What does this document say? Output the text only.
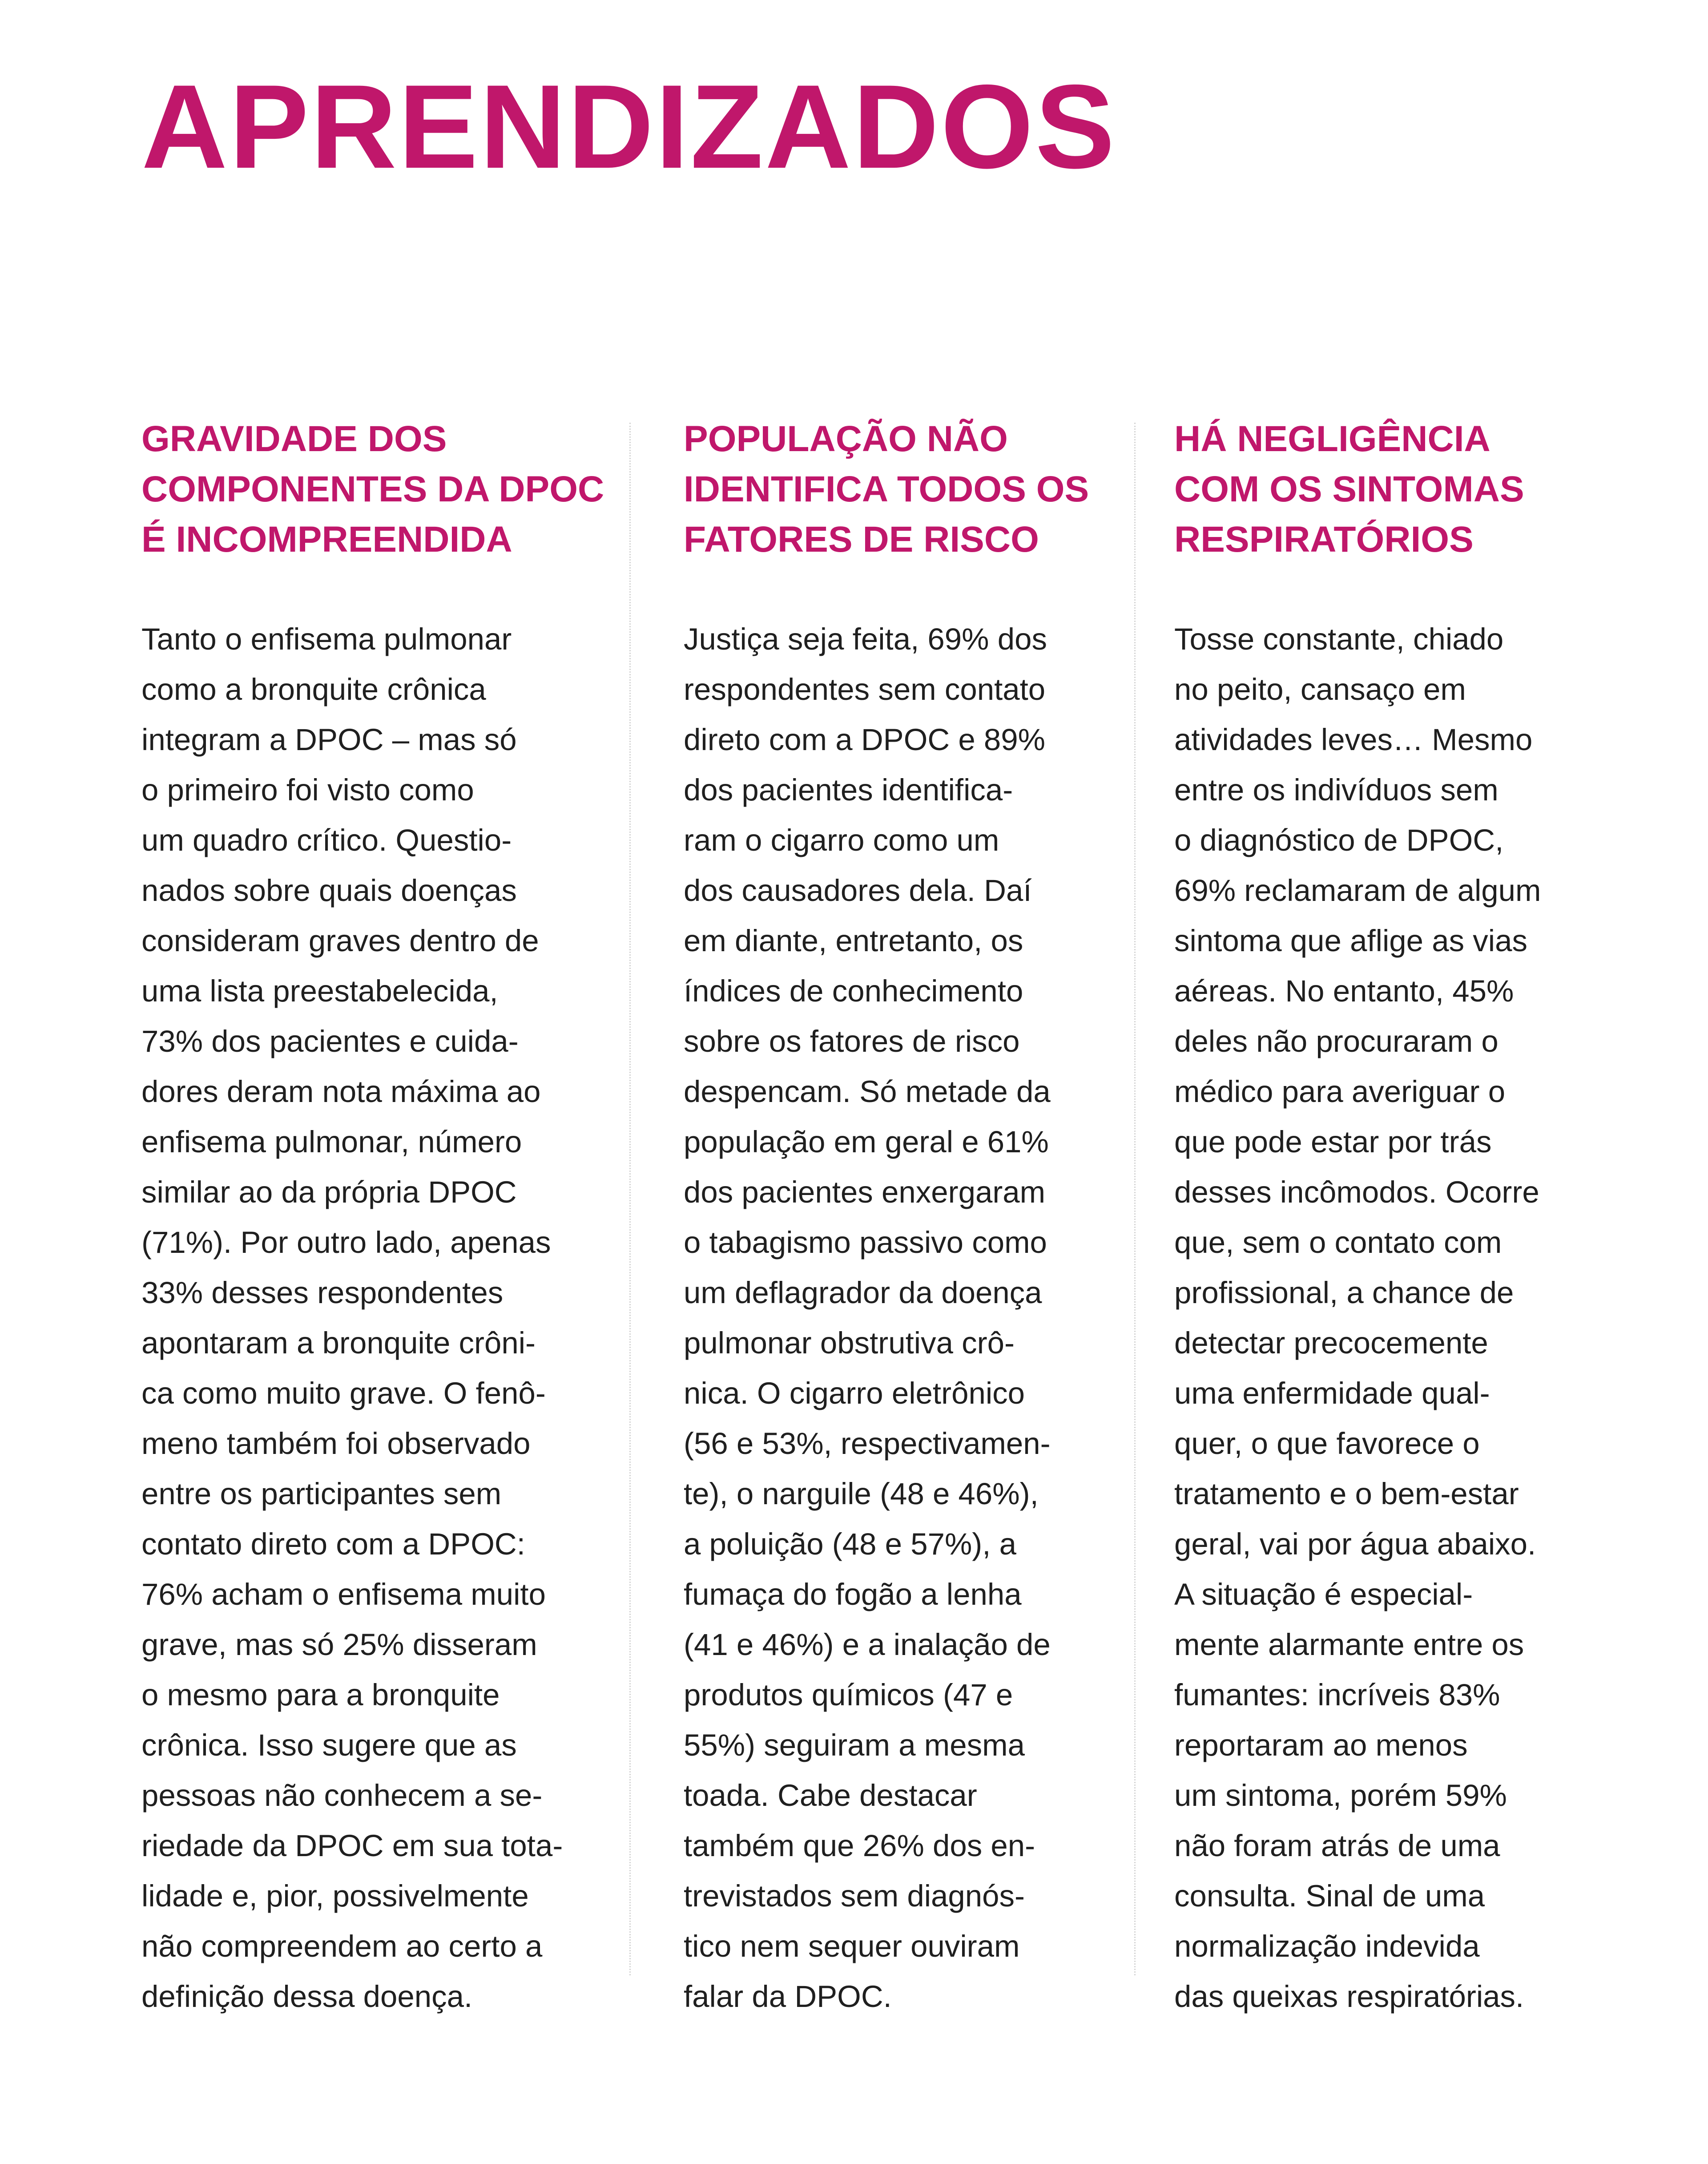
APRENDIZADOS
GRAVIDADE DOS
COMPONENTES DA DPOC
É INCOMPREENDIDA

Tanto o enfisema pulmonar
como a bronquite crônica
integram a DPOC – mas só
o primeiro foi visto como
um quadro crítico. Questio-
nados sobre quais doenças
consideram graves dentro de
uma lista preestabelecida,
73% dos pacientes e cuida-
dores deram nota máxima ao
enfisema pulmonar, número
similar ao da própria DPOC
(71%). Por outro lado, apenas
33% desses respondentes
apontaram a bronquite crôni-
ca como muito grave. O fenô-
meno também foi observado
entre os participantes sem
contato direto com a DPOC:
76% acham o enfisema muito
grave, mas só 25% disseram
o mesmo para a bronquite
crônica. Isso sugere que as
pessoas não conhecem a se-
riedade da DPOC em sua tota-
lidade e, pior, possivelmente
não compreendem ao certo a
definição dessa doença.

POPULAÇÃO NÃO
IDENTIFICA TODOS OS
FATORES DE RISCO

Justiça seja feita, 69% dos
respondentes sem contato
direto com a DPOC e 89%
dos pacientes identifica-
ram o cigarro como um
dos causadores dela. Daí
em diante, entretanto, os
índices de conhecimento
sobre os fatores de risco
despencam. Só metade da
população em geral e 61%
dos pacientes enxergaram
o tabagismo passivo como
um deflagrador da doença
pulmonar obstrutiva crô-
nica. O cigarro eletrônico
(56 e 53%, respectivamen-
te), o narguile (48 e 46%),
a poluição (48 e 57%), a
fumaça do fogão a lenha
(41 e 46%) e a inalação de
produtos químicos (47 e
55%) seguiram a mesma
toada. Cabe destacar
também que 26% dos en-
trevistados sem diagnós-
tico nem sequer ouviram
falar da DPOC.

HÁ NEGLIGÊNCIA
COM OS SINTOMAS
RESPIRATÓRIOS

Tosse constante, chiado
no peito, cansaço em
atividades leves… Mesmo
entre os indivíduos sem
o diagnóstico de DPOC,
69% reclamaram de algum
sintoma que aflige as vias
aéreas. No entanto, 45%
deles não procuraram o
médico para averiguar o
que pode estar por trás
desses incômodos. Ocorre
que, sem o contato com
profissional, a chance de
detectar precocemente
uma enfermidade qual-
quer, o que favorece o
tratamento e o bem-estar
geral, vai por água abaixo.
A situação é especial-
mente alarmante entre os
fumantes: incríveis 83%
reportaram ao menos
um sintoma, porém 59%
não foram atrás de uma
consulta. Sinal de uma
normalização indevida
das queixas respiratórias.
